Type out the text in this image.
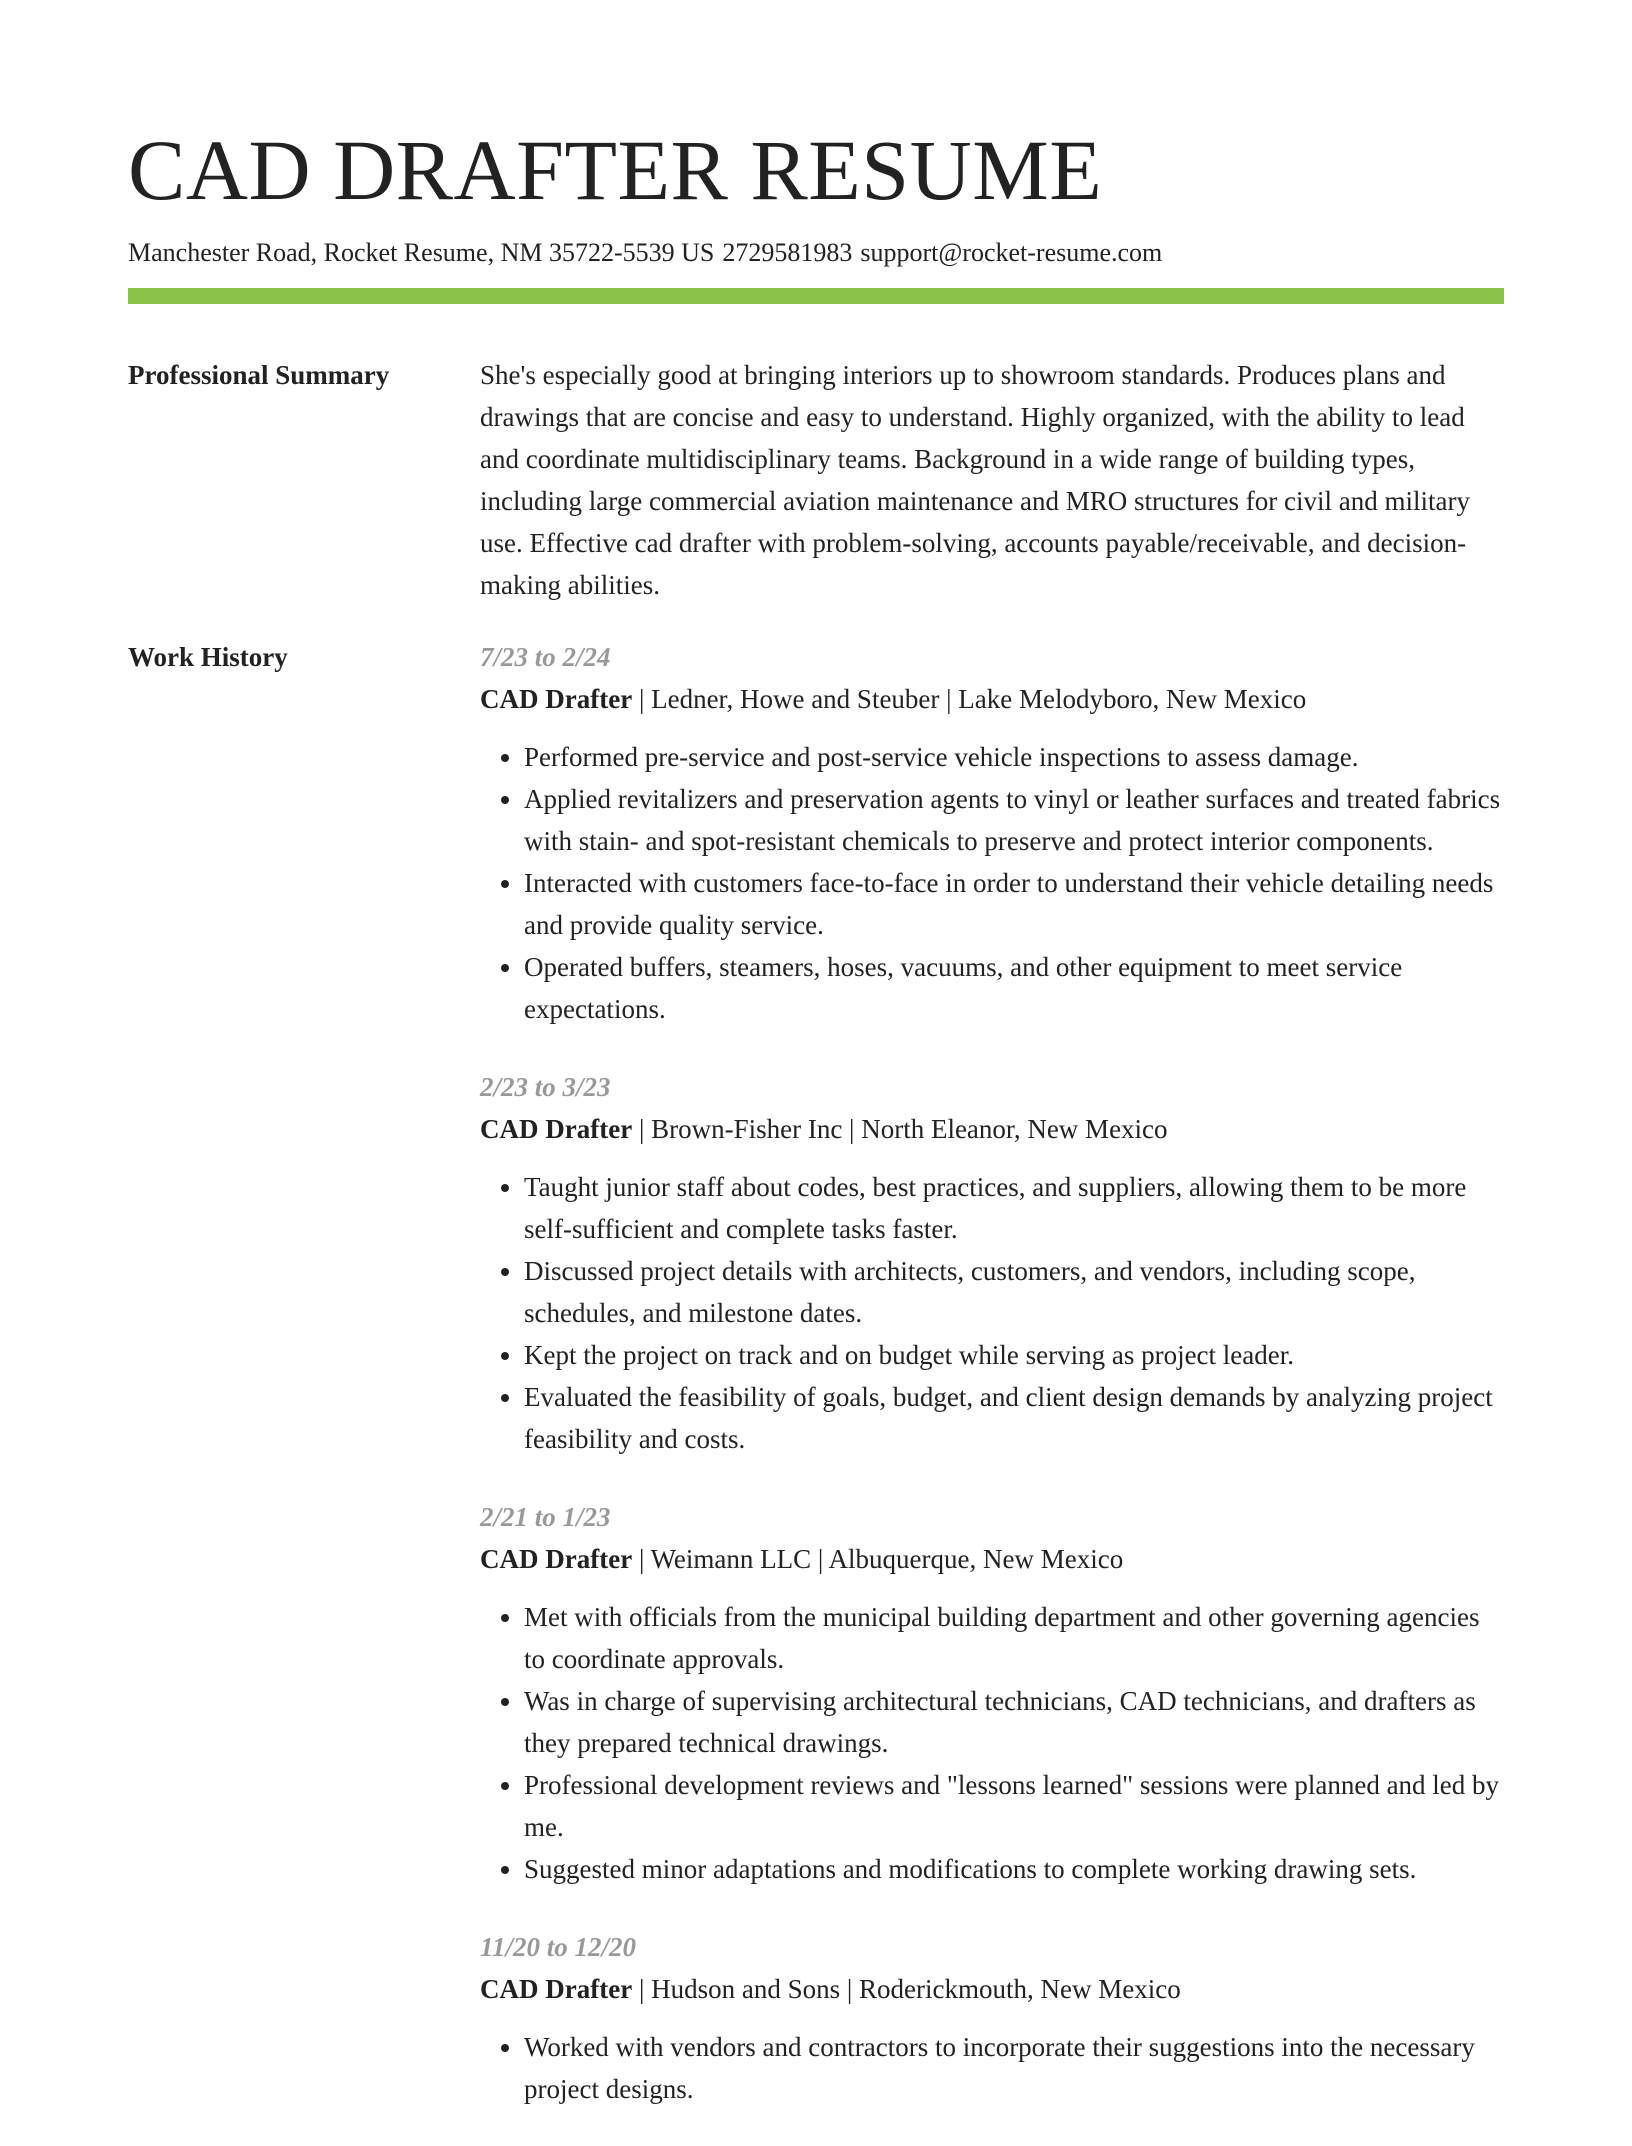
CAD DRAFTER RESUME
Manchester Road, Rocket Resume, NM 35722-5539 US 2729581983 support@rocket-resume.com
Professional Summary	She's especially good at bringing interiors up to showroom standards. Produces plans and drawings that are concise and easy to understand. Highly organized, with the ability to lead and coordinate multidisciplinary teams. Background in a wide range of building types, including large commercial aviation maintenance and MRO structures for civil and military use. Effective cad drafter with problem-solving, accounts payable/receivable, and decision-making abilities.
Work History	7/23 to 2/24
CAD Drafter | Ledner, Howe and Steuber | Lake Melodyboro, New Mexico
• Performed pre-service and post-service vehicle inspections to assess damage.
• Applied revitalizers and preservation agents to vinyl or leather surfaces and treated fabrics with stain- and spot-resistant chemicals to preserve and protect interior components.
• Interacted with customers face-to-face in order to understand their vehicle detailing needs and provide quality service.
• Operated buffers, steamers, hoses, vacuums, and other equipment to meet service expectations.
2/23 to 3/23
CAD Drafter | Brown-Fisher Inc | North Eleanor, New Mexico
• Taught junior staff about codes, best practices, and suppliers, allowing them to be more self-sufficient and complete tasks faster.
• Discussed project details with architects, customers, and vendors, including scope, schedules, and milestone dates.
• Kept the project on track and on budget while serving as project leader.
• Evaluated the feasibility of goals, budget, and client design demands by analyzing project feasibility and costs.
2/21 to 1/23
CAD Drafter | Weimann LLC | Albuquerque, New Mexico
• Met with officials from the municipal building department and other governing agencies to coordinate approvals.
• Was in charge of supervising architectural technicians, CAD technicians, and drafters as they prepared technical drawings.
• Professional development reviews and "lessons learned" sessions were planned and led by me.
• Suggested minor adaptations and modifications to complete working drawing sets.
11/20 to 12/20
CAD Drafter | Hudson and Sons | Roderickmouth, New Mexico
• Worked with vendors and contractors to incorporate their suggestions into the necessary project designs.
